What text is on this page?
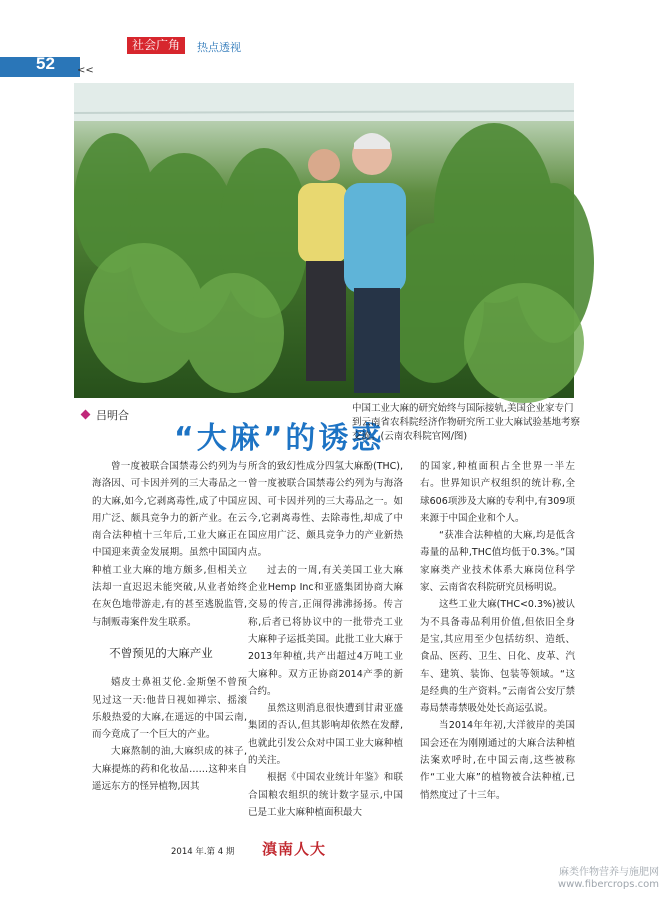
社会广角	热点透视
52 <<
“大麻”的诱惑
吕明合
中国工业大麻的研究始终与国际接轨,美国企业家专门到云南省农科院经济作物研究所工业大麻试验基地考察交流。(云南农科院官网/图)

曾一度被联合国禁毒公约列为与海洛因、可卡因并列的三大毒品之一的大麻,如今,它剥离毒性,成了中国应用广泛、颇具竞争力的新产业。在云南合法种植十三年后,工业大麻正在中国迎来黄金发展期。虽然中国国内种植工业大麻的地方颇多,但相关立法却一直迟迟未能突破,从业者始终在灰色地带游走,有的甚至逃脱监管,与制贩毒案件发生联系。

不曾预见的大麻产业

嬉皮士鼻祖艾伦.金斯堡不曾预见过这一天:他昔日视如禅宗、摇滚乐般热爱的大麻,在遥远的中国云南,而今竟成了一个巨大的产业。

大麻熬制的油,大麻织成的袜子,大麻提炼的药和化妆品……这种来自遥远东方的怪异植物,因其

所含的致幻性成分四氢大麻酚(THC),曾一度被联合国禁毒公约列为与海洛因、可卡因并列的三大毒品之一。如今,它剥离毒性、去除毒性,却成了中国应用广泛、颇具竞争力的产业新热点。

过去的一周,有关美国工业大麻企业Hemp Inc和亚盛集团协商大麻交易的传言,正闹得沸沸扬扬。传言称,后者已将协议中的一批带壳工业大麻种子运抵美国。此批工业大麻于2013年种植,共产出超过4万吨工业大麻种。双方正协商2014产季的新合约。

虽然这则消息很快遭到甘肃亚盛集团的否认,但其影响却依然在发酵,也就此引发公众对中国工业大麻种植的关注。

根据《中国农业统计年鉴》和联合国粮农组织的统计数字显示,中国已是工业大麻种植面积最大

的国家,种植面积占全世界一半左右。世界知识产权组织的统计称,全球606项涉及大麻的专利中,有309项来源于中国企业和个人。

“获准合法种植的大麻,均是低含毒量的品种,THC值均低于0.3%。”国家麻类产业技术体系大麻岗位科学家、云南省农科院研究员杨明说。

这些工业大麻(THC<0.3%)被认为不具备毒品利用价值,但依旧全身是宝,其应用至少包括纺织、造纸、食品、医药、卫生、日化、皮革、汽车、建筑、装饰、包装等领域。“这是经典的生产资料。”云南省公安厅禁毒局禁毒禁吸处处长高运弘说。

当2014年年初,大洋彼岸的美国国会还在为刚刚通过的大麻合法种植法案欢呼时,在中国云南,这些被称作“工业大麻”的植物被合法种植,已悄然度过了十三年。

2014 年.第 4 期 滇南人大
麻类作物营养与施肥网
www.fibercrops.com
